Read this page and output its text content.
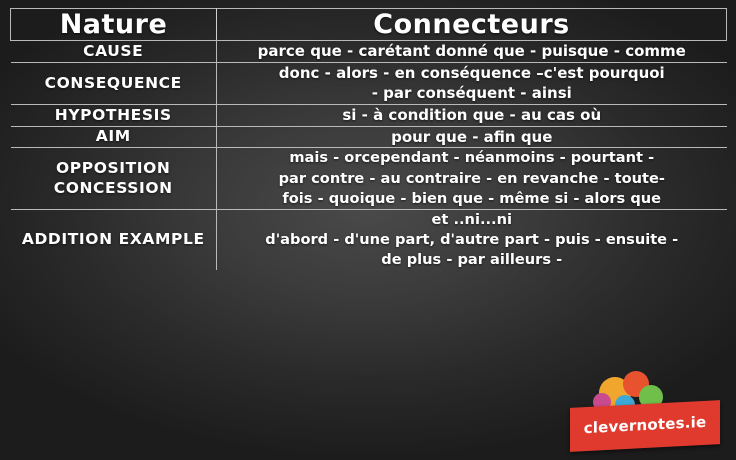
Nature	Connecteurs
CAUSE	parce que - carétant donné que - puisque - comme

CONSEQUENCE	donc - alors - en conséquence –c'est pourquoi
- par conséquent - ainsi

HYPOTHESIS	si - à condition que - au cas où

AIM	pour que - afin que

OPPOSITION CONCESSION	mais - orcependant - néanmoins - pourtant -
par contre - au contraire - en revanche - toute-
fois - quoique - bien que - même si - alors que

ADDITION EXAMPLE	et ..ni...ni
d'abord - d'une part, d'autre part - puis - ensuite -
de plus - par ailleurs -
clevernotes.ie
